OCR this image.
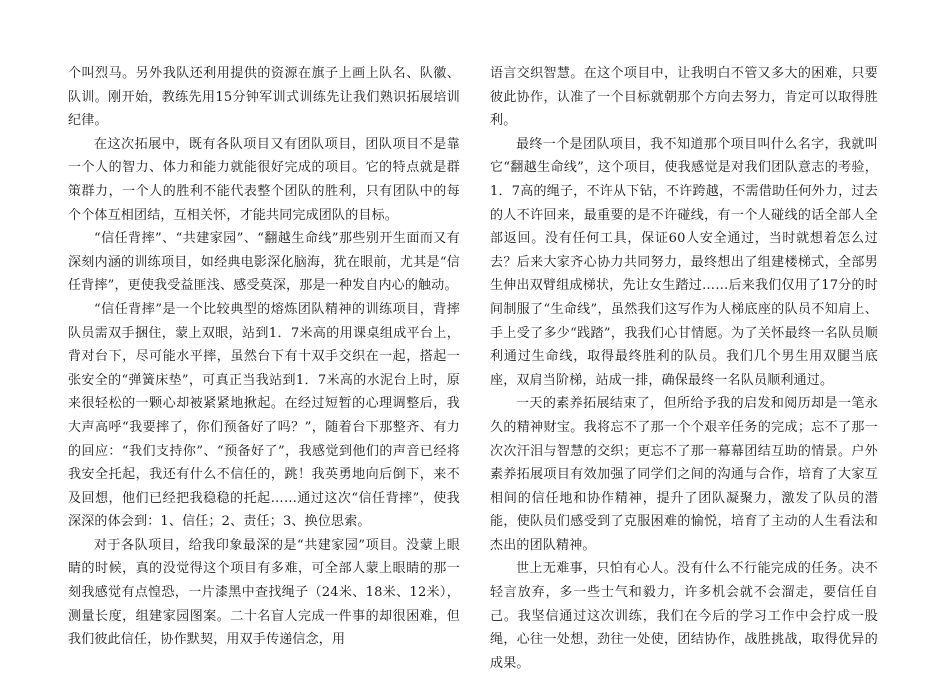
个叫烈马。另外我队还利用提供的资源在旗子上画上队名、队徽、队训。刚开始，教练先用15分钟军训式训练先让我们熟识拓展培训纪律。

在这次拓展中，既有各队项目又有团队项目，团队项目不是靠一个人的智力、体力和能力就能很好完成的项目。它的特点就是群策群力，一个人的胜利不能代表整个团队的胜利，只有团队中的每个个体互相团结，互相关怀，才能共同完成团队的目标。

“信任背摔”、“共建家园”、“翻越生命线”那些别开生面而又有深刻内涵的训练项目，如经典电影深化脑海，犹在眼前，尤其是“信任背摔”，更使我受益匪浅、感受莫深，那是一种发自内心的触动。

“信任背摔”是一个比较典型的熔炼团队精神的训练项目，背摔队员需双手捆住，蒙上双眼，站到1．7米高的用课桌组成平台上，背对台下，尽可能水平摔，虽然台下有十双手交织在一起，搭起一张安全的“弹簧床垫”，可真正当我站到1．7米高的水泥台上时，原来很轻松的一颗心却被紧紧地揪起。在经过短暂的心理调整后，我大声高呼“我要摔了，你们预备好了吗？”，随着台下那整齐、有力的回应：“我们支持你”、“预备好了”，我感觉到他们的声音已经将我安全托起，我还有什么不信任的，跳！我英勇地向后倒下，来不及回想，他们已经把我稳稳的托起……通过这次“信任背摔”，使我深深的体会到：1、信任；2、责任；3、换位思索。

对于各队项目，给我印象最深的是“共建家园”项目。没蒙上眼睛的时候，真的没觉得这个项目有多难，可全部人蒙上眼睛的那一刻我感觉有点惶恐，一片漆黑中查找绳子（24米、18米、12米），测量长度，组建家园图案。二十名盲人完成一件事的却很困难，但我们彼此信任，协作默契，用双手传递信念，用

语言交织智慧。在这个项目中，让我明白不管又多大的困难，只要彼此协作，认准了一个目标就朝那个方向去努力，肯定可以取得胜利。

最终一个是团队项目，我不知道那个项目叫什么名字，我就叫它“翻越生命线”，这个项目，使我感觉是对我们团队意志的考验，1．7高的绳子，不许从下钻，不许跨越，不需借助任何外力，过去的人不许回来，最重要的是不许碰线，有一个人碰线的话全部人全部返回。没有任何工具，保证60人安全通过，当时就想着怎么过去？后来大家齐心协力共同努力，最终想出了组建楼梯式，全部男生伸出双臂组成梯状，先让女生踏过……后来我们仅用了17分的时间制服了“生命线”，虽然我们这写作为人梯底座的队员不知肩上、手上受了多少“践踏”，我我们心甘情愿。为了关怀最终一名队员顺利通过生命线，取得最终胜利的队员。我们几个男生用双腿当底座，双肩当阶梯，站成一排，确保最终一名队员顺利通过。

一天的素养拓展结束了，但所给予我的启发和阅历却是一笔永久的精神财宝。我将忘不了那一个个艰辛任务的完成；忘不了那一次次汗泪与智慧的交织；更忘不了那一幕幕团结互助的情景。户外素养拓展项目有效加强了同学们之间的沟通与合作，培育了大家互相间的信任地和协作精神，提升了团队凝聚力，激发了队员的潜能，使队员们感受到了克服困难的愉悦，培育了主动的人生看法和杰出的团队精神。

世上无难事，只怕有心人。没有什么不行能完成的任务。决不轻言放弃，多一些士气和毅力，许多机会就不会溜走，要信任自己。我坚信通过这次训练，我们在今后的学习工作中会拧成一股绳，心往一处想，劲往一处使，团结协作，战胜挑战，取得优异的成果。
